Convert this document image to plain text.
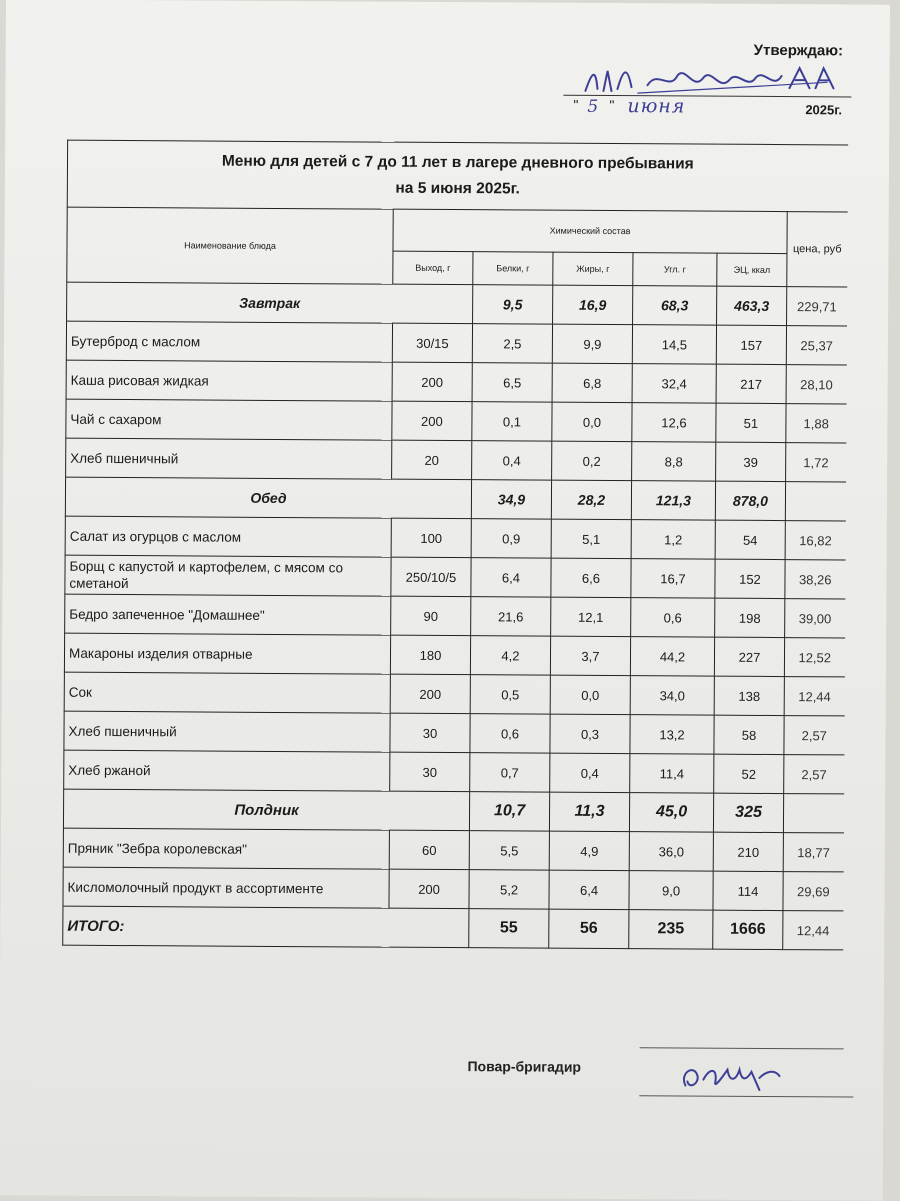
Утверждаю:
" 5 " июня	2025г.
Меню для детей с 7 до 11 лет в лагере дневного пребывания
на 5 июня 2025г.						

Наименование блюда	Химический состав					цена, руб
	Выход, г	Белки, г	Жиры, г	Угл. г	ЭЦ, ккал	
Завтрак		9,5	16,9	68,3	463,3	229,71
Бутерброд с маслом	30/15	2,5	9,9	14,5	157	25,37
Каша рисовая жидкая	200	6,5	6,8	32,4	217	28,10
Чай с сахаром	200	0,1	0,0	12,6	51	1,88
Хлеб пшеничный	20	0,4	0,2	8,8	39	1,72
Обед		34,9	28,2	121,3	878,0	
Салат из огурцов с маслом	100	0,9	5,1	1,2	54	16,82
Борщ с капустой и картофелем, с мясом со сметаной	250/10/5	6,4	6,6	16,7	152	38,26
Бедро запеченное "Домашнее"	90	21,6	12,1	0,6	198	39,00
Макароны изделия отварные	180	4,2	3,7	44,2	227	12,52
Сок	200	0,5	0,0	34,0	138	12,44
Хлеб пшеничный	30	0,6	0,3	13,2	58	2,57
Хлеб ржаной	30	0,7	0,4	11,4	52	2,57
Полдник		10,7	11,3	45,0	325	
Пряник "Зебра королевская"	60	5,5	4,9	36,0	210	18,77
Кисломолочный продукт в ассортименте	200	5,2	6,4	9,0	114	29,69
ИТОГО:		55	56	235	1666	12,44
Повар-бригадир
